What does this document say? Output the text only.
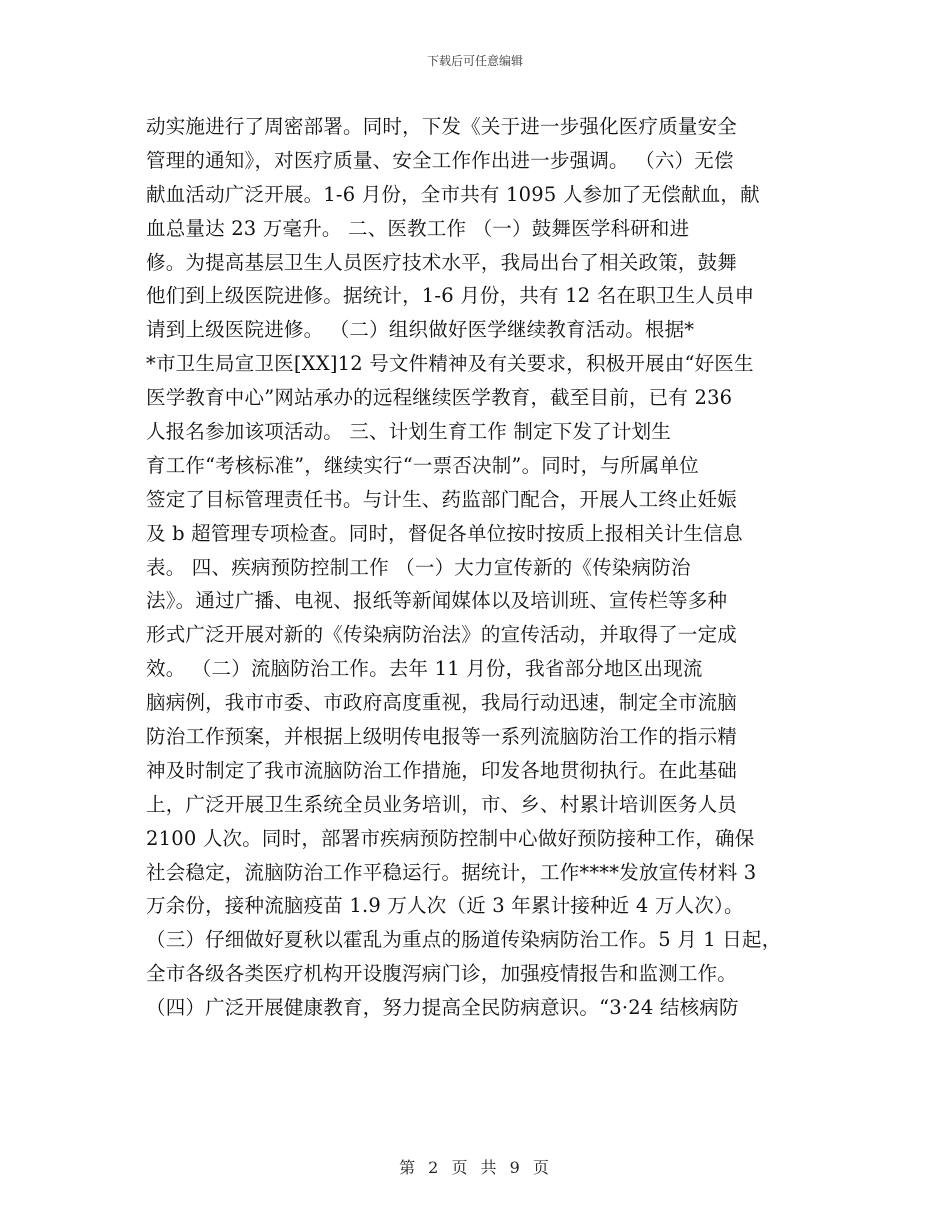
下载后可任意编辑
动实施进行了周密部署。同时，下发《关于进一步强化医疗质量安全
管理的通知》，对医疗质量、安全工作作出进一步强调。 （六）无偿
献血活动广泛开展。1-6 月份，全市共有 1095 人参加了无偿献血，献
血总量达 23 万毫升。 二、医教工作 （一）鼓舞医学科研和进
修。为提高基层卫生人员医疗技术水平，我局出台了相关政策，鼓舞
他们到上级医院进修。据统计，1-6 月份，共有 12 名在职卫生人员申
请到上级医院进修。 （二）组织做好医学继续教育活动。根据*
*市卫生局宣卫医[XX]12 号文件精神及有关要求，积极开展由“好医生
医学教育中心”网站承办的远程继续医学教育，截至目前，已有 236
人报名参加该项活动。 三、计划生育工作 制定下发了计划生
育工作“考核标准”，继续实行“一票否决制”。同时，与所属单位
签定了目标管理责任书。与计生、药监部门配合，开展人工终止妊娠
及 b 超管理专项检查。同时，督促各单位按时按质上报相关计生信息
表。 四、疾病预防控制工作 （一）大力宣传新的《传染病防治
法》。通过广播、电视、报纸等新闻媒体以及培训班、宣传栏等多种
形式广泛开展对新的《传染病防治法》的宣传活动，并取得了一定成
效。 （二）流脑防治工作。去年 11 月份，我省部分地区出现流
脑病例，我市市委、市政府高度重视，我局行动迅速，制定全市流脑
防治工作预案，并根据上级明传电报等一系列流脑防治工作的指示精
神及时制定了我市流脑防治工作措施，印发各地贯彻执行。在此基础
上，广泛开展卫生系统全员业务培训，市、乡、村累计培训医务人员
2100 人次。同时，部署市疾病预防控制中心做好预防接种工作，确保
社会稳定，流脑防治工作平稳运行。据统计，工作****发放宣传材料 3
万余份，接种流脑疫苗 1.9 万人次（近 3 年累计接种近 4 万人次）。
（三）仔细做好夏秋以霍乱为重点的肠道传染病防治工作。5 月 1 日起，
全市各级各类医疗机构开设腹泻病门诊，加强疫情报告和监测工作。
（四）广泛开展健康教育，努力提高全民防病意识。“3·24 结核病防
第 2 页 共 9 页
